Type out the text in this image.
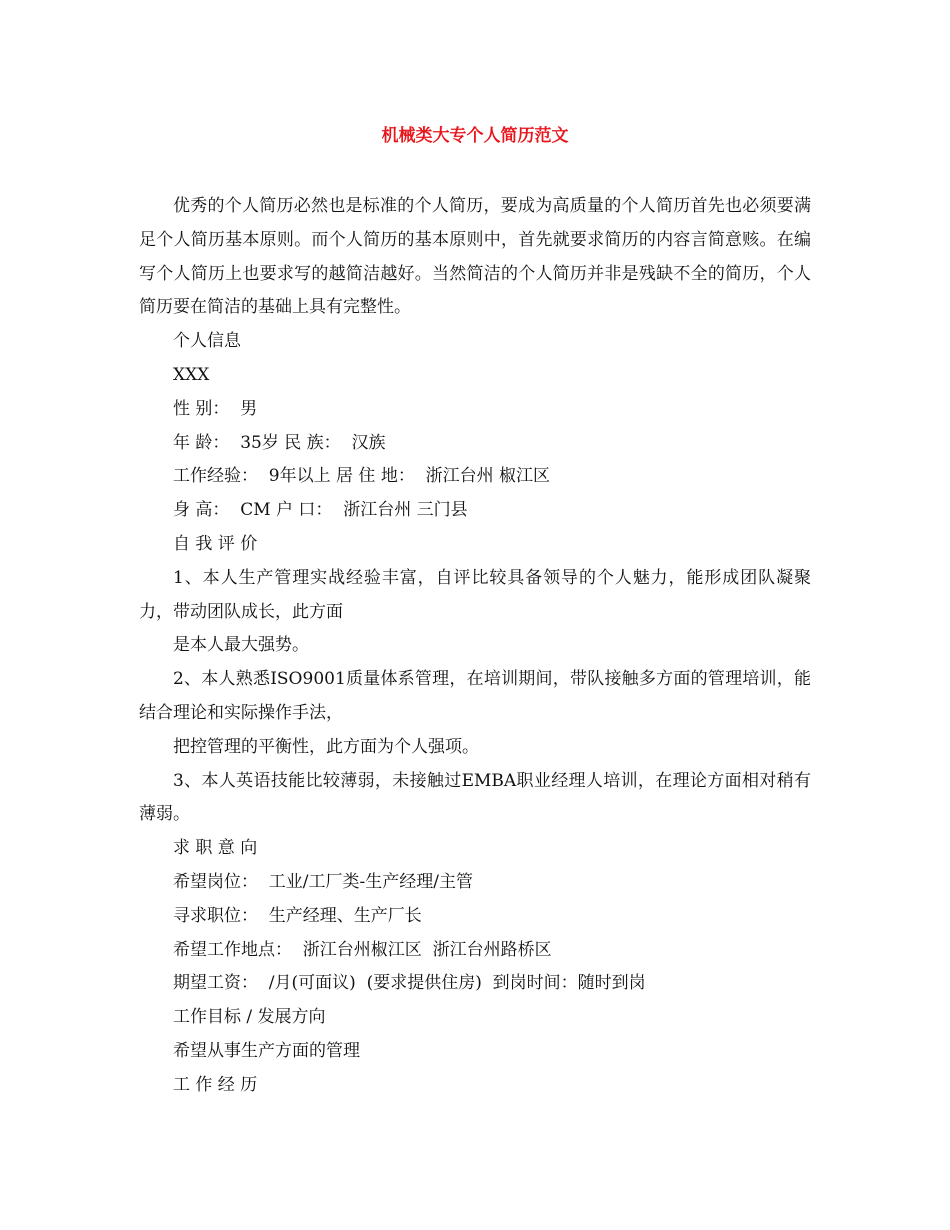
机械类大专个人简历范文

优秀的个人简历必然也是标准的个人简历，要成为高质量的个人简历首先也必须要满足个人简历基本原则。而个人简历的基本原则中，首先就要求简历的内容言简意赅。在编写个人简历上也要求写的越简洁越好。当然简洁的个人简历并非是残缺不全的简历，个人简历要在简洁的基础上具有完整性。

个人信息

XXX

性 别：  男

年 龄：  35岁 民 族：  汉族

工作经验：  9年以上 居 住 地：  浙江台州 椒江区

身 高：  CM 户 口：  浙江台州 三门县

自 我 评 价

1、本人生产管理实战经验丰富，自评比较具备领导的个人魅力，能形成团队凝聚力，带动团队成长，此方面

是本人最大强势。

2、本人熟悉ISO9001质量体系管理，在培训期间，带队接触多方面的管理培训，能结合理论和实际操作手法，

把控管理的平衡性，此方面为个人强项。

3、本人英语技能比较薄弱，未接触过EMBA职业经理人培训，在理论方面相对稍有薄弱。

求 职 意 向

希望岗位：  工业/工厂类-生产经理/主管

寻求职位：  生产经理、生产厂长

希望工作地点：  浙江台州椒江区  浙江台州路桥区

期望工资：  /月(可面议)  (要求提供住房)  到岗时间：随时到岗

工作目标 / 发展方向

希望从事生产方面的管理

工 作 经 历
